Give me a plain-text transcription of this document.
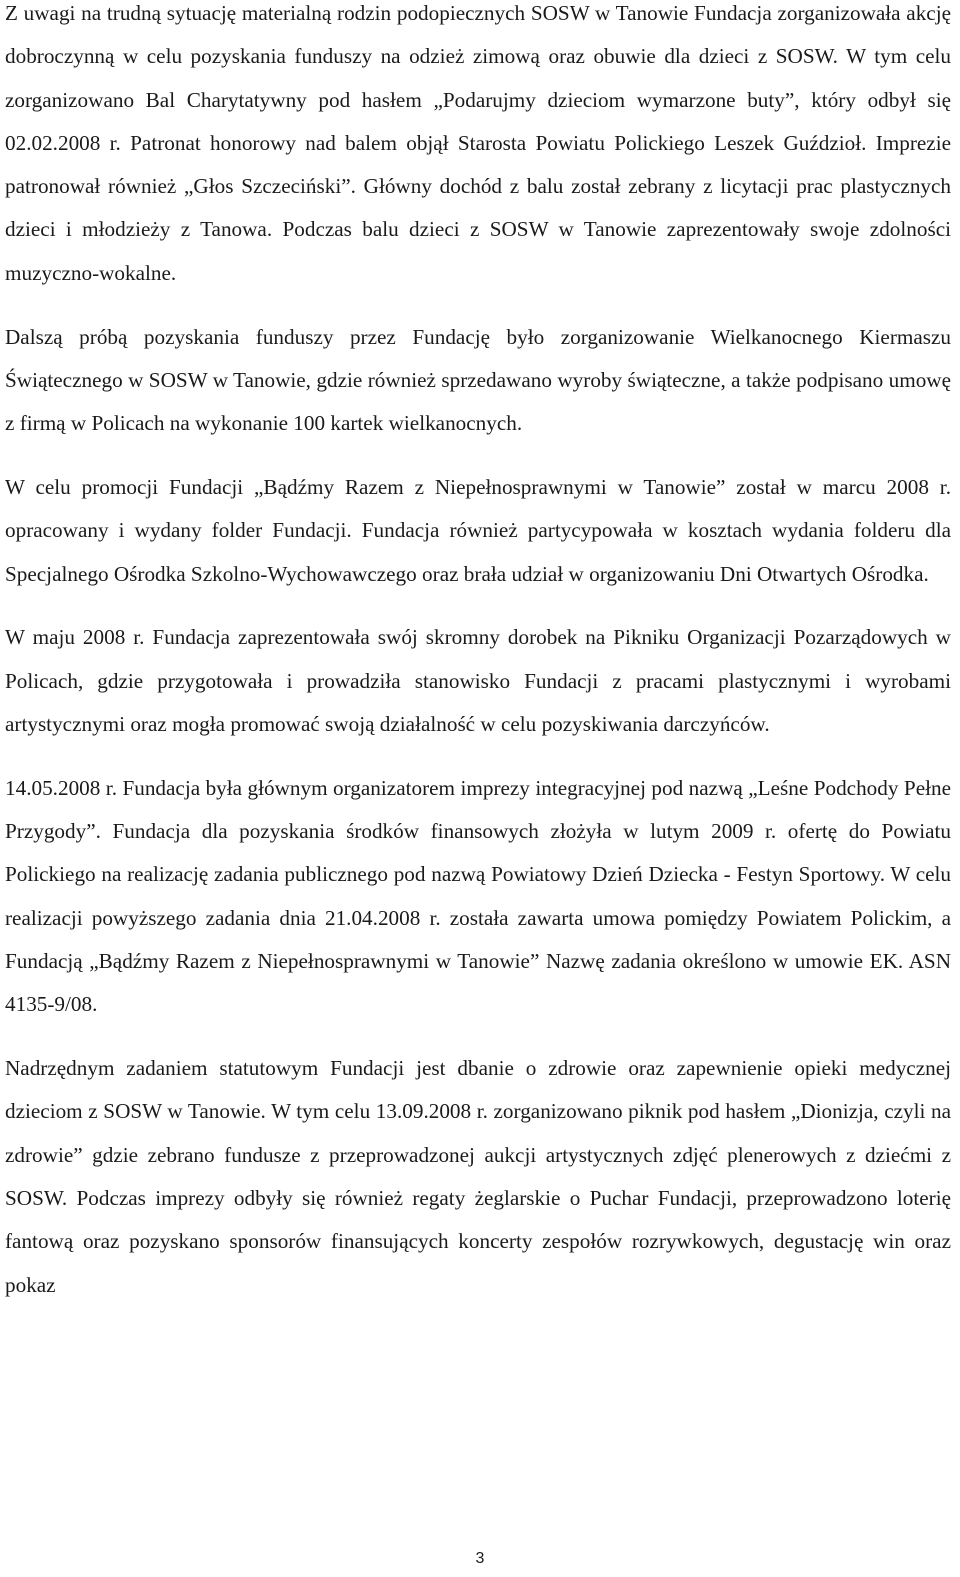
Z uwagi na trudną sytuację materialną rodzin podopiecznych SOSW w Tanowie Fundacja zorganizowała akcję dobroczynną w celu pozyskania funduszy na odzież zimową oraz obuwie dla dzieci z SOSW. W tym celu zorganizowano Bal Charytatywny pod hasłem „Podarujmy dzieciom wymarzone buty”, który odbył się 02.02.2008 r. Patronat honorowy nad balem objął Starosta Powiatu Polickiego Leszek Guździoł. Imprezie patronował również „Głos Szczeciński”. Główny dochód z balu został zebrany z licytacji prac plastycznych dzieci i młodzieży z Tanowa. Podczas balu dzieci z SOSW w Tanowie zaprezentowały swoje zdolności muzyczno-wokalne.

Dalszą próbą pozyskania funduszy przez Fundację było zorganizowanie Wielkanocnego Kiermaszu Świątecznego w SOSW w Tanowie, gdzie również sprzedawano wyroby świąteczne, a także podpisano umowę z firmą w Policach na wykonanie 100 kartek wielkanocnych.

W celu promocji Fundacji „Bądźmy Razem z Niepełnosprawnymi w Tanowie” został w marcu 2008 r. opracowany i wydany folder Fundacji. Fundacja również partycypowała w kosztach wydania folderu dla Specjalnego Ośrodka Szkolno-Wychowawczego oraz brała udział w organizowaniu Dni Otwartych Ośrodka.

W maju 2008 r. Fundacja zaprezentowała swój skromny dorobek na Pikniku Organizacji Pozarządowych w Policach, gdzie przygotowała i prowadziła stanowisko Fundacji z pracami plastycznymi i wyrobami artystycznymi oraz mogła promować swoją działalność w celu pozyskiwania darczyńców.

14.05.2008 r. Fundacja była głównym organizatorem imprezy integracyjnej pod nazwą „Leśne Podchody Pełne Przygody”. Fundacja dla pozyskania środków finansowych złożyła w lutym 2009 r. ofertę do Powiatu Polickiego na realizację zadania publicznego pod nazwą Powiatowy Dzień Dziecka - Festyn Sportowy. W celu realizacji powyższego zadania dnia 21.04.2008 r. została zawarta umowa pomiędzy Powiatem Polickim, a Fundacją „Bądźmy Razem z Niepełnosprawnymi w Tanowie” Nazwę zadania określono w umowie EK. ASN 4135-9/08.

Nadrzędnym zadaniem statutowym Fundacji jest dbanie o zdrowie oraz zapewnienie opieki medycznej dzieciom z SOSW w Tanowie. W tym celu 13.09.2008 r. zorganizowano piknik pod hasłem „Dionizja, czyli na zdrowie” gdzie zebrano fundusze z przeprowadzonej aukcji artystycznych zdjęć plenerowych z dziećmi z SOSW. Podczas imprezy odbyły się również regaty żeglarskie o Puchar Fundacji, przeprowadzono loterię fantową oraz pozyskano sponsorów finansujących koncerty zespołów rozrywkowych, degustację win oraz pokaz

3
